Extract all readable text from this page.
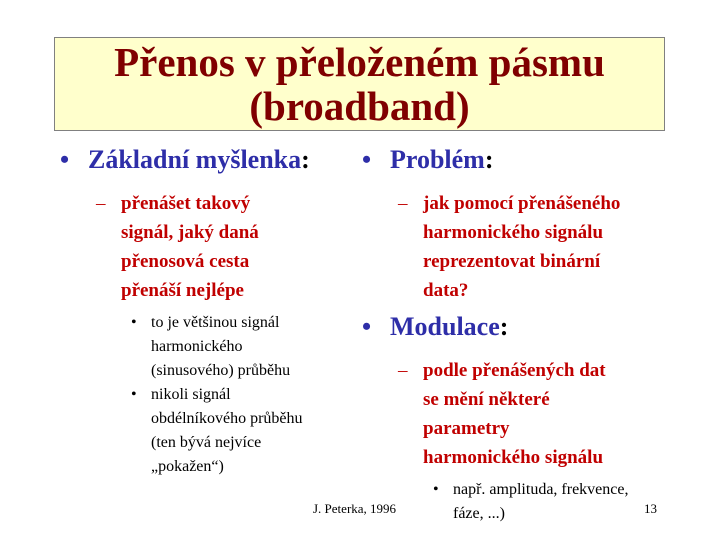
Přenos v přeloženém pásmu
(broadband)
• Základní myšlenka:
– přenášet takový
signál, jaký daná
přenosová cesta
přenáší nejlépe
• to je většinou signál
harmonického
(sinusového) průběhu
• nikoli signál
obdélníkového průběhu
(ten bývá nejvíce
„pokažen“)
• Problém:
– jak pomocí přenášeného
harmonického signálu
reprezentovat binární
data?
• Modulace:
– podle přenášených dat
se mění některé
parametry
harmonického signálu
• např. amplituda, frekvence,
fáze, ...)
J. Peterka, 1996	13
